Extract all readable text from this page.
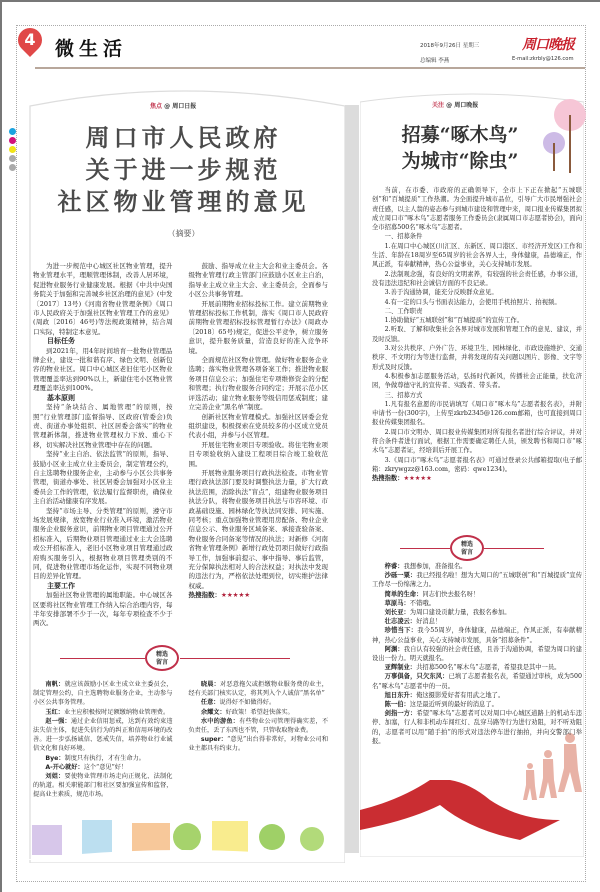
4	微生活	2018年9月26日 星期三
总编辑 李燕
周口晚报
E-mail:zkrbly@126.com
焦点 @ 周口日报
周口市人民政府
关于进一步规范
社区物业管理的意见
（摘要）

为进一步规范中心城区社区物业管理，提升物业管理水平，理顺管理体制，改善人居环境，促进物业服务行业健康发展。根据《中共中央国务院关于加强和完善城乡社区治理的意见》(中发〔2017〕13号)《河南省物业管理条例》《周口市人民政府关于加强社区物业管理工作的意见》(周政〔2016〕46号)等法规政策精神，结合周口实际，特制定本意见。

目标任务

到2021年，用4年时间培育一批物业管理品牌企业，建设一批和谐有序、绿色文明、创新包容的物业社区。周口中心城区老旧住宅小区物业管理覆盖率达到90%以上，新建住宅小区物业管理覆盖率达到100%。

基本原则

坚持“条块结合、属地管理”的原则，按照“行业管理部门监督指导、区政府(管委会)负责、街道办事处组织、社区居委会落实”的物业管理新体制，推进物业管理权力下放、重心下移，切实解决社区物业管理中存在的问题。

坚持“业主自治、依法监管”的原则，指导、鼓励小区业主成立业主委员会，制定管理公约，自主选聘物业服务企业，主动参与小区公共事务管理，街道办事处、社区居委会加强对小区业主委员会工作的管理，依法履行监督职责，确保业主自治活动健康有序发展。

坚持“市场主导、分类管理”的原则，遵守市场发展规律，放宽物业行业准入环境，激活物业服务企业服务意识，前期物业项目管理通过公开招标准入，后期物业项目管理通过业主大会选聘或公开招标准入，老旧小区物业项目管理通过政府购买服务引入，根据物业项目管理类别的不同，促进物业管理市场化运作，实现不同物业项目的差异化管理。

主要工作

加强社区物业管理的属地职能。中心城区各区要将社区物业管理工作纳入综合治理内容，每半年安排部署不少于一次，每年专项检查不少于两次。

鼓励、指导成立业主大会和业主委员会。各级物业管理行政主管部门应鼓励小区业主自治，指导业主成立业主大会、业主委员会，全面参与小区公共事务管理。

开展前期物业招标投标工作。建立前期物业管理招标投标工作机制，落实《周口市人民政府前期物业管理招标投标管理暂行办法》(周政办〔2018〕65号)规定，促进公平竞争，树立服务意识，提升服务质量，营造良好的准入竞争环境。

全面规范社区物业管理。做好物业服务企业选聘；落实物业管理各项备案工作；推进物业服务项目信息公示；加强住宅专项维修资金的分配和管理；执行物业服务合同约定；开展示范小区评选活动；建立物业服务等级信用惩戒制度；建立完善企业“黑名单”制度。

创新社区物业管理模式。加强社区居委会党组织建设，积极探索在党员较多的小区成立党员代表小组，并参与小区管理。

开展住宅物业项目专项验收。将住宅物业项目专项验收纳入建设工程项目综合竣工验收范围。

开展物业服务项目行政执法检查。市物业管理行政执法部门要及时调整执法力量，扩大行政执法范围，消除执法“盲点”，组建物业服务项目执法分队，将物业服务项目执法与市容环境、市政基础设施、园林绿化等执法同安排、同实施、同考核；重点加强物业管理用房配备、物业企业信息公示、物业服务区域备案、承接查验备案、物业服务合同备案等情况的执法；对新修《河南省物业管理条例》新增行政处罚项目做好行政指导工作，加强事前提示、事中指导、事后监管，充分保障执法相对人的合法权益；对执法中发现的违法行为，严格依法处理到位，切实维护法律权威。

热搜指数：★★★★★

精选
留言

南帆：就应该鼓励小区业主成立业主委员会，制定管理公约，自主选聘物业服务企业，主动参与小区公共事务管理。

玉红：业主应积极按时足额缴纳物业管理费。

赵一强：通过企业信用惩戒，达到有效约束违法失信主体，促进失信行为的纠正和信用环境的改善。进一步弘扬诚信、惩戒失信，培养物业行业诚信文化和良好环境。

Bye：制度只有执行，才有生命力。

A-开心就好：这个“意见”好！

刘姐：要使物业管理市场走向正规化、法制化的轨道。相关职能部门和社区要加强宣传和监督，提高业主素质，规范市场。

晓晨：对恶意拖欠或拒缴物业服务费的业主，经有关部门核实认定，将其列入个人诚信“黑名单”

任意：说得好不如做得好。

余耀文：好政策！希望赶快落实。

水中的游鱼：有些物业公司管理得确实差，不负责任，丢了东西也不管，只管收取物业费。

super：“意见”出台得非常好，对物业公司和业主都具有约束力。

关注 @ 周口晚报
招募“啄木鸟”
为城市“除虫”

当前，在市委、市政府的正确领导下，全市上下正在掀起“五城联创”和“百城提质”工作热潮。为全面提升城市品位，引导广大市民增强社会责任感，以主人翁的姿态参与到城市建设和管理中来，周口报业传媒集团拟成立周口市“啄木鸟”志愿者服务工作委员会(隶属周口市志愿者协会)，面向全市招募500名“啄木鸟”志愿者。

一、招募条件

1.在周口中心城区(川汇区、东新区、周口港区、市经济开发区)工作和生活、年龄在18周岁至65周岁的社会各界人士，身体健康，品德端正，作风正派，有奉献精神，热心公益事业，关心支持城市发展。

2.法制观念强，有良好的文明素养，有较强的社会责任感，办事公道，没有违法违纪和社会诚信方面的不良记录。

3.善于沟通协调，能充分反映群众意见。

4.有一定的口头与书面表达能力，会使用手机拍照片、拍视频。

二、工作职责

1.协助做好“五城联创”和“百城提质”的宣传工作。

2.听取、了解和收集社会各界对城市发展和管理工作的意见、建议，并及时反馈。

3.对公共秩序、户外广告、环境卫生、园林绿化、市政设施维护、交通秩序、不文明行为等进行监督，并将发现的有关问题以图片、影像、文字等形式及时反馈。

4.积极参加志愿服务活动，弘扬时代新风，传播社会正能量，扶危济困，争做尊德守礼的宣传者、实践者、带头者。

三、招募方式

1.凡有报名意愿的市民请填写《周口市“啄木鸟”志愿者报名表》，并附申请书一份(300字)，上传至zkrb2345@126.com邮箱，也可直接到周口报业传媒集团报名。

2.周口市文明办、周口报业传媒集团对所有报名者进行综合评议，并对符合条件者进行面试，根据工作需要确定聘任人员，颁发聘书和周口市“啄木鸟”志愿者证，经培训后开展工作。

3.《周口市“啄木鸟”志愿者报名表》可通过登录公共邮箱提取(电子邮箱：zkrywgzz@163.com，密码：qwe1234)。

热搜指数：★★★★★

精选
留言

梓睿：我想参加，准备报名。

沙砾一粟：我已经报名啦！想为大周口的“五城联创”和“百城提质”宣传工作尽一份绵薄之力。

简单的生命：同志们快去报名呀！

草原马：不错哦。

刘长亚：为周口建设贡献力量，我报名参加。

壮志凌云：好消息！

珍惜当下：我今55周岁，身体健康，品德端正，作风正派，有奉献精神，热心公益事业，关心支持城市发展，具备“招募条件”。

阿渊：我自认有较强的社会责任感，且善于沟通协调，希望为周口的建设出一份力。明天就报名。

亚辉制业：共招募500名“啄木鸟”志愿者，希望我是其中一员。

万事俱备，只欠东风：已填了志愿者报名表，希望通过审核，成为500名“啄木鸟”志愿者中的一员。

旭日东升：俺这摄影爱好者有用武之地了。

陈一伯：这是最近听到的最好的消息了。

剑指一方：希望“啄木鸟”志愿者可以对周口中心城区道路上的机动车违停、加塞，行人和非机动车闯红灯、乱穿马路等行为进行劝阻，对不听劝阻的，志愿者可以用“随手拍”的形式对违法停车进行抽拍，并向交警部门举报。
